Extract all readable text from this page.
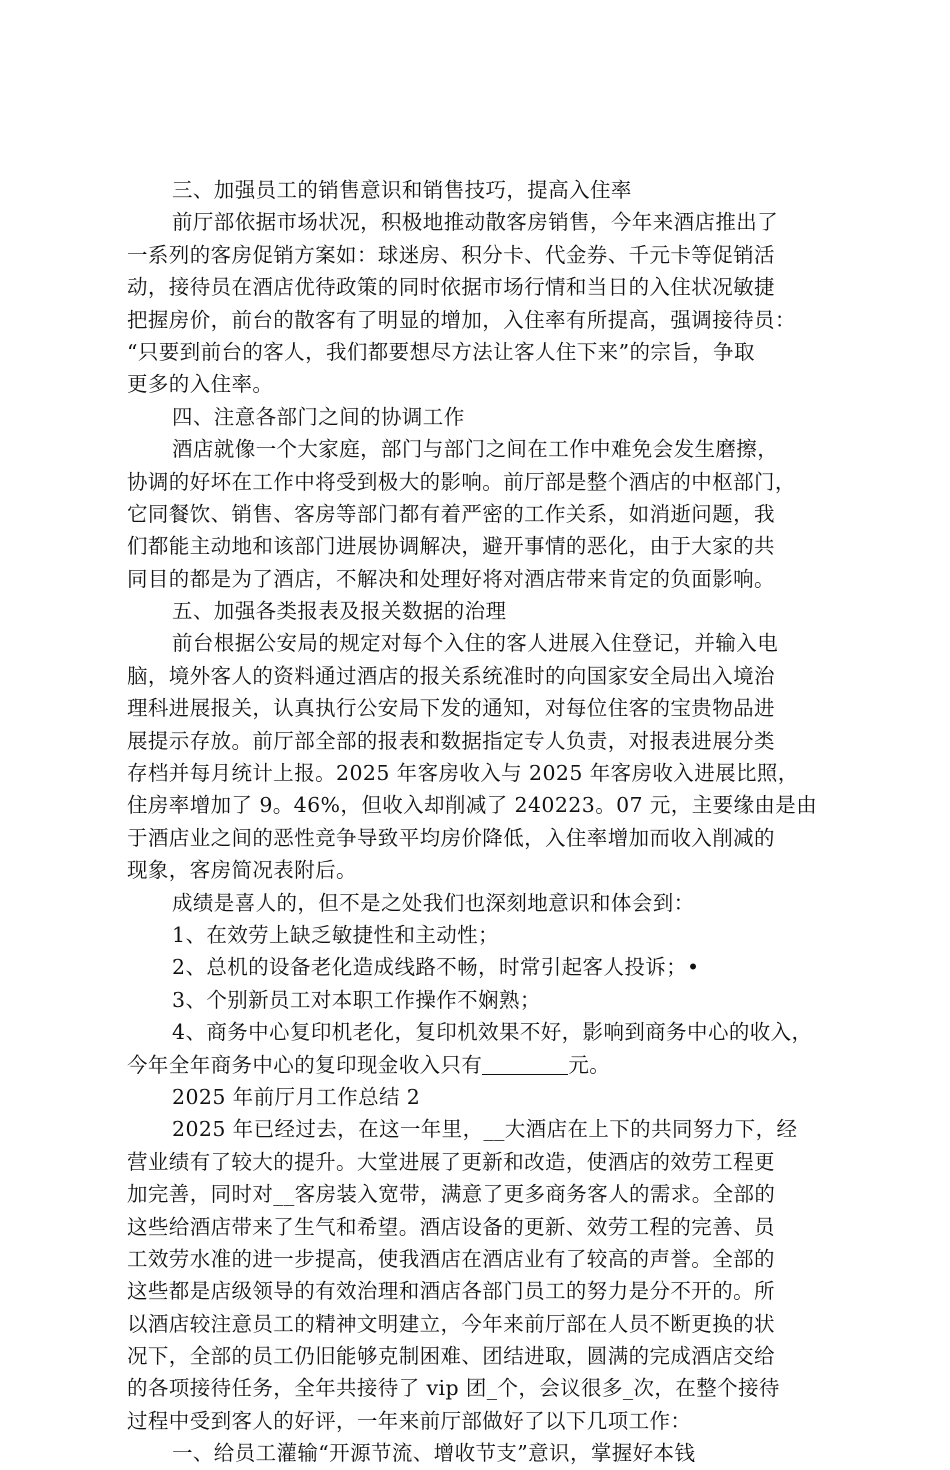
三、加强员工的销售意识和销售技巧，提高入住率
前厅部依据市场状况，积极地推动散客房销售，今年来酒店推出了
一系列的客房促销方案如：球迷房、积分卡、代金券、千元卡等促销活
动，接待员在酒店优待政策的同时依据市场行情和当日的入住状况敏捷
把握房价，前台的散客有了明显的增加，入住率有所提高，强调接待员：
“只要到前台的客人，我们都要想尽方法让客人住下来”的宗旨，争取
更多的入住率。
四、注意各部门之间的协调工作
酒店就像一个大家庭，部门与部门之间在工作中难免会发生磨擦，
协调的好坏在工作中将受到极大的影响。前厅部是整个酒店的中枢部门，
它同餐饮、销售、客房等部门都有着严密的工作关系，如消逝问题，我
们都能主动地和该部门进展协调解决，避开事情的恶化，由于大家的共
同目的都是为了酒店，不解决和处理好将对酒店带来肯定的负面影响。
五、加强各类报表及报关数据的治理
前台根据公安局的规定对每个入住的客人进展入住登记，并输入电
脑，境外客人的资料通过酒店的报关系统准时的向国家安全局出入境治
理科进展报关，认真执行公安局下发的通知，对每位住客的宝贵物品进
展提示存放。前厅部全部的报表和数据指定专人负责，对报表进展分类
存档并每月统计上报。2025 年客房收入与 2025 年客房收入进展比照，
住房率增加了 9。46%，但收入却削减了 240223。07 元，主要缘由是由
于酒店业之间的恶性竞争导致平均房价降低，入住率增加而收入削减的
现象，客房简况表附后。
成绩是喜人的，但不是之处我们也深刻地意识和体会到：
1、在效劳上缺乏敏捷性和主动性；
2、总机的设备老化造成线路不畅，时常引起客人投诉；•
3、个别新员工对本职工作操作不娴熟；
4、商务中心复印机老化，复印机效果不好，影响到商务中心的收入，
今年全年商务中心的复印现金收入只有	元。
2025 年前厅月工作总结 2
2025 年已经过去，在这一年里，__大酒店在上下的共同努力下，经
营业绩有了较大的提升。大堂进展了更新和改造，使酒店的效劳工程更
加完善，同时对__客房装入宽带，满意了更多商务客人的需求。全部的
这些给酒店带来了生气和希望。酒店设备的更新、效劳工程的完善、员
工效劳水准的进一步提高，使我酒店在酒店业有了较高的声誉。全部的
这些都是店级领导的有效治理和酒店各部门员工的努力是分不开的。所
以酒店较注意员工的精神文明建立，今年来前厅部在人员不断更换的状
况下，全部的员工仍旧能够克制困难、团结进取，圆满的完成酒店交给
的各项接待任务，全年共接待了 vip 团_个，会议很多_次，在整个接待
过程中受到客人的好评，一年来前厅部做好了以下几项工作：
一、给员工灌输“开源节流、增收节支”意识，掌握好本钱
